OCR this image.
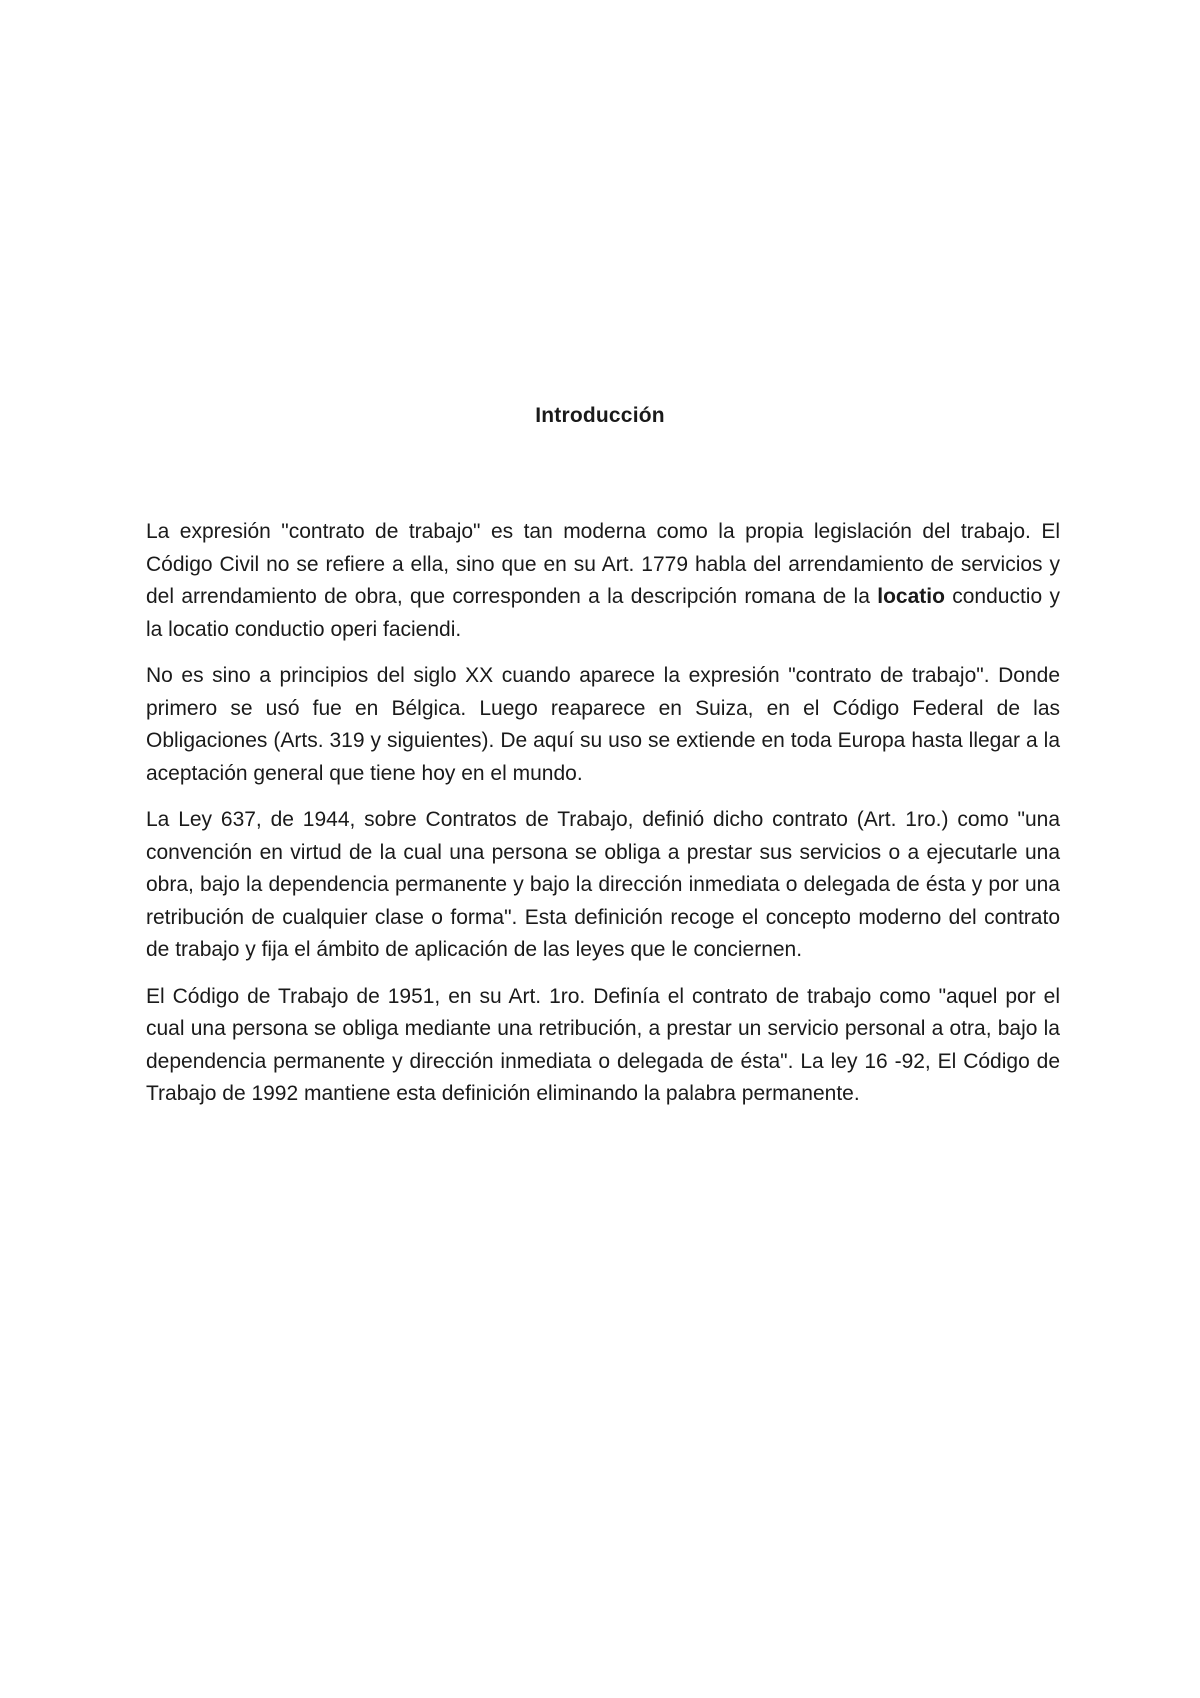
Introducción

La expresión "contrato de trabajo" es tan moderna como la propia legislación del trabajo. El Código Civil no se refiere a ella, sino que en su Art. 1779 habla del arrendamiento de servicios y del arrendamiento de obra, que corresponden a la descripción romana de la locatio conductio y la locatio conductio operi faciendi.

No es sino a principios del siglo XX cuando aparece la expresión "contrato de trabajo". Donde primero se usó fue en Bélgica. Luego reaparece en Suiza, en el Código Federal de las Obligaciones (Arts. 319 y siguientes). De aquí su uso se extiende en toda Europa hasta llegar a la aceptación general que tiene hoy en el mundo.

La Ley 637, de 1944, sobre Contratos de Trabajo, definió dicho contrato (Art. 1ro.) como "una convención en virtud de la cual una persona se obliga a prestar sus servicios o a ejecutarle una obra, bajo la dependencia permanente y bajo la dirección inmediata o delegada de ésta y por una retribución de cualquier clase o forma". Esta definición recoge el concepto moderno del contrato de trabajo y fija el ámbito de aplicación de las leyes que le conciernen.

El Código de Trabajo de 1951, en su Art. 1ro. Definía el contrato de trabajo como "aquel por el cual una persona se obliga mediante una retribución, a prestar un servicio personal a otra, bajo la dependencia permanente y dirección inmediata o delegada de ésta". La ley 16 -92, El Código de Trabajo de 1992 mantiene esta definición eliminando la palabra permanente.
